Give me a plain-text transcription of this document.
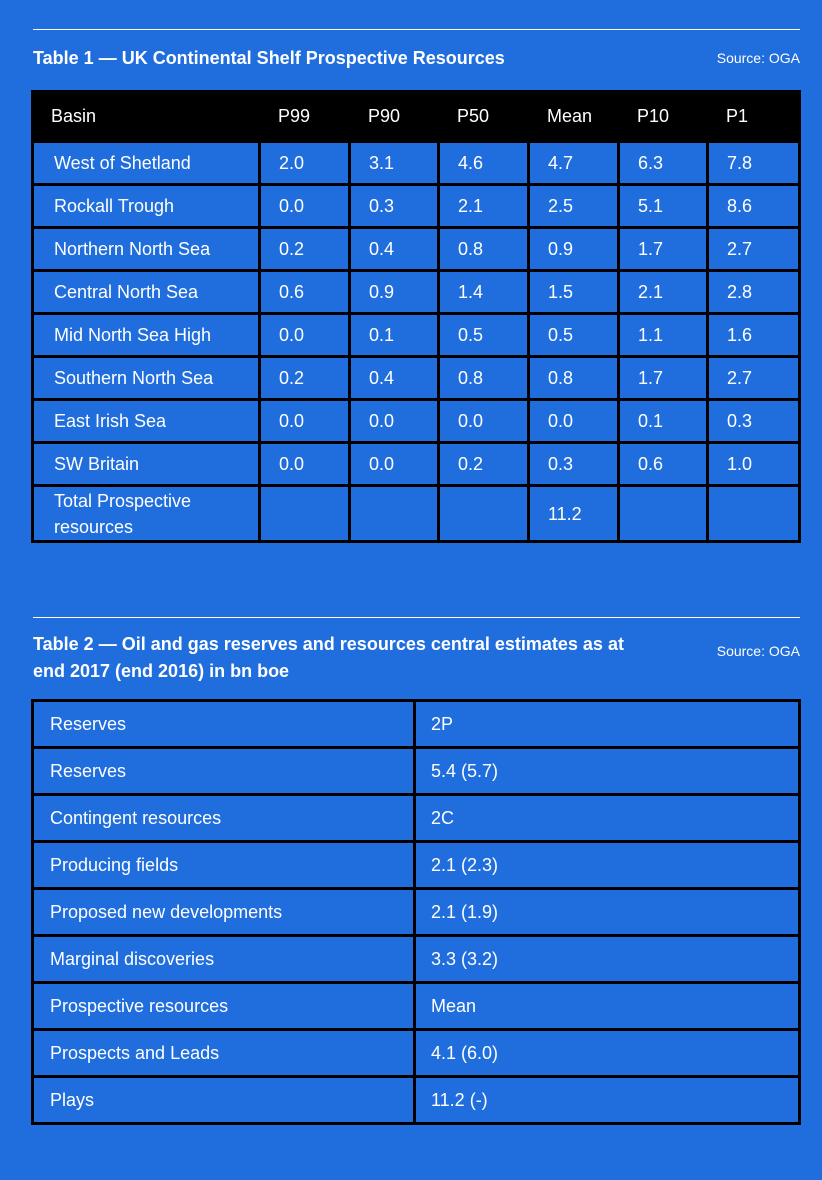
Table 1 — UK Continental Shelf Prospective Resources	Source: OGA
Basin	P99	P90	P50	Mean	P10	P1
West of Shetland	2.0	3.1	4.6	4.7	6.3	7.8
Rockall Trough	0.0	0.3	2.1	2.5	5.1	8.6
Northern North Sea	0.2	0.4	0.8	0.9	1.7	2.7
Central North Sea	0.6	0.9	1.4	1.5	2.1	2.8
Mid North Sea High	0.0	0.1	0.5	0.5	1.1	1.6
Southern North Sea	0.2	0.4	0.8	0.8	1.7	2.7
East Irish Sea	0.0	0.0	0.0	0.0	0.1	0.3
SW Britain	0.0	0.0	0.2	0.3	0.6	1.0
Total Prospective
resources				11.2		
Table 2 — Oil and gas reserves and resources central estimates as at
end 2017 (end 2016) in bn boe
Source: OGA
Reserves	2P
Reserves	5.4 (5.7)
Contingent resources	2C
Producing fields	2.1 (2.3)
Proposed new developments	2.1 (1.9)
Marginal discoveries	3.3 (3.2)
Prospective resources	Mean
Prospects and Leads	4.1 (6.0)
Plays	11.2 (-)
